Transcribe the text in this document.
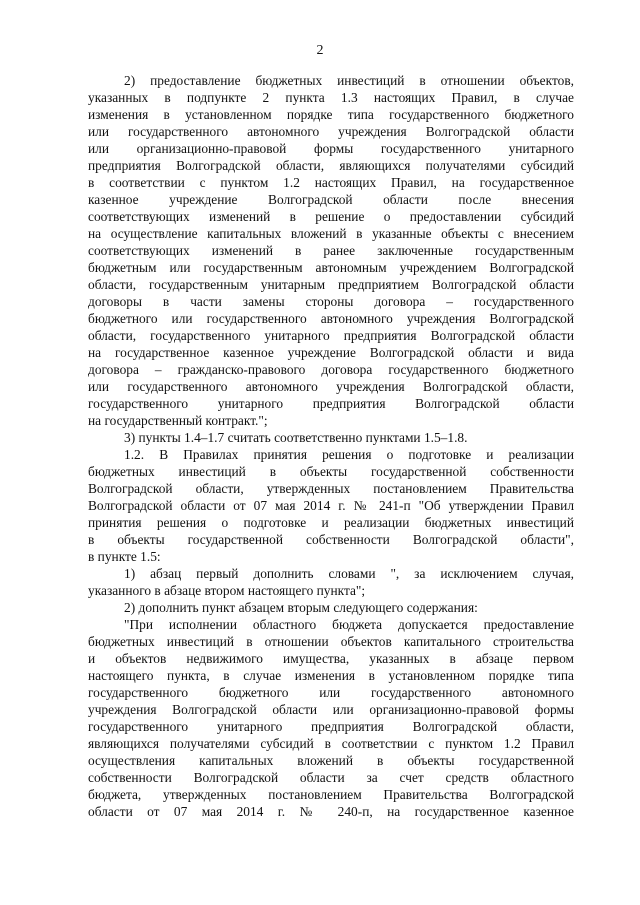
2
2) предоставление бюджетных инвестиций в отношении объектов,
указанных в подпункте 2 пункта 1.3 настоящих Правил, в случае
изменения в установленном порядке типа государственного бюджетного
или государственного автономного учреждения Волгоградской области
или организационно-правовой формы государственного унитарного
предприятия Волгоградской области, являющихся получателями субсидий
в соответствии с пунктом 1.2 настоящих Правил, на государственное
казенное учреждение Волгоградской области после внесения
соответствующих изменений в решение о предоставлении субсидий
на осуществление капитальных вложений в указанные объекты с внесением
соответствующих изменений в ранее заключенные государственным
бюджетным или государственным автономным учреждением Волгоградской
области, государственным унитарным предприятием Волгоградской области
договоры в части замены стороны договора – государственного
бюджетного или государственного автономного учреждения Волгоградской
области, государственного унитарного предприятия Волгоградской области
на государственное казенное учреждение Волгоградской области и вида
договора – гражданско-правового договора государственного бюджетного
или государственного автономного учреждения Волгоградской области,
государственного унитарного предприятия Волгоградской области
на государственный контракт.";
3) пункты 1.4–1.7 считать соответственно пунктами 1.5–1.8.
1.2. В Правилах принятия решения о подготовке и реализации
бюджетных инвестиций в объекты государственной собственности
Волгоградской области, утвержденных постановлением Правительства
Волгоградской области от 07 мая 2014 г. № 241-п "Об утверждении Правил
принятия решения о подготовке и реализации бюджетных инвестиций
в объекты государственной собственности Волгоградской области",
в пункте 1.5:
1) абзац первый дополнить словами ", за исключением случая,
указанного в абзаце втором настоящего пункта";
2) дополнить пункт абзацем вторым следующего содержания:
"При исполнении областного бюджета допускается предоставление
бюджетных инвестиций в отношении объектов капитального строительства
и объектов недвижимого имущества, указанных в абзаце первом
настоящего пункта, в случае изменения в установленном порядке типа
государственного бюджетного или государственного автономного
учреждения Волгоградской области или организационно-правовой формы
государственного унитарного предприятия Волгоградской области,
являющихся получателями субсидий в соответствии с пунктом 1.2 Правил
осуществления капитальных вложений в объекты государственной
собственности Волгоградской области за счет средств областного
бюджета, утвержденных постановлением Правительства Волгоградской
области от 07 мая 2014 г. № 240-п, на государственное казенное
